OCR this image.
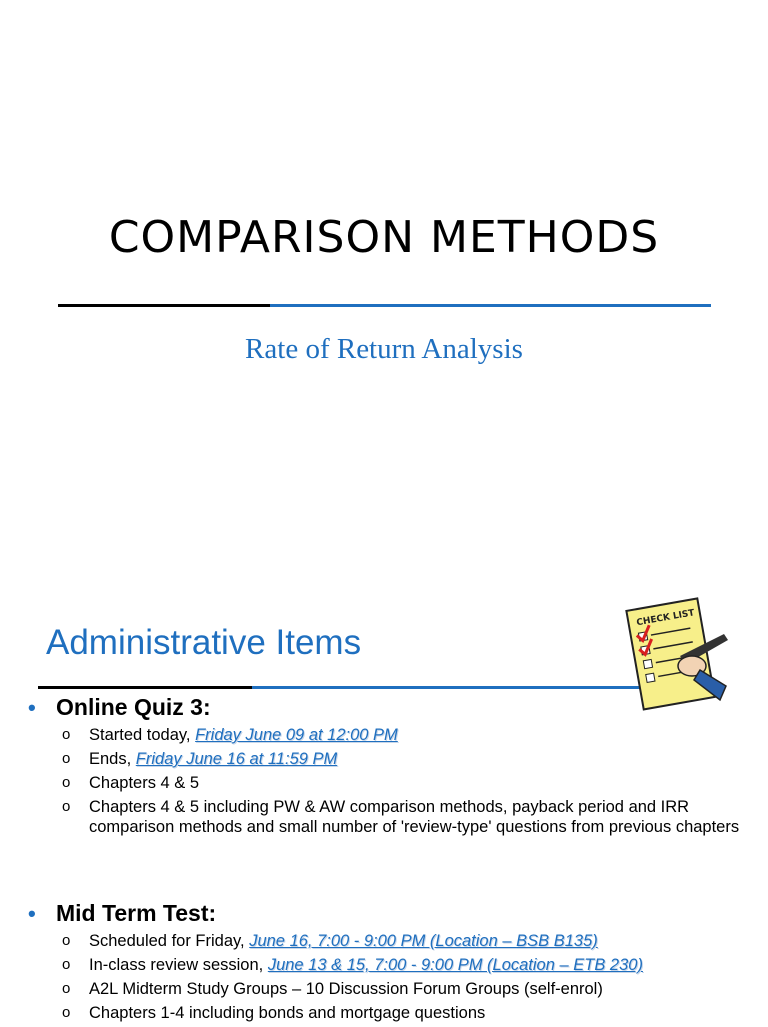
COMPARISON METHODS
Rate of Return Analysis
Administrative Items
CHECK LIST
• Online Quiz 3:
o Started today, Friday June 09 at 12:00 PM
o Ends, Friday June 16 at 11:59 PM
o Chapters 4 & 5
o Chapters 4 & 5 including PW & AW comparison methods, payback period and IRR comparison methods and small number of 'review-type' questions from previous chapters
• Mid Term Test:
o Scheduled for Friday, June 16, 7:00 - 9:00 PM (Location – BSB B135)
o In-class review session, June 13 & 15, 7:00 - 9:00 PM (Location – ETB 230)
o A2L Midterm Study Groups – 10 Discussion Forum Groups (self-enrol)
o Chapters 1-4 including bonds and mortgage questions
